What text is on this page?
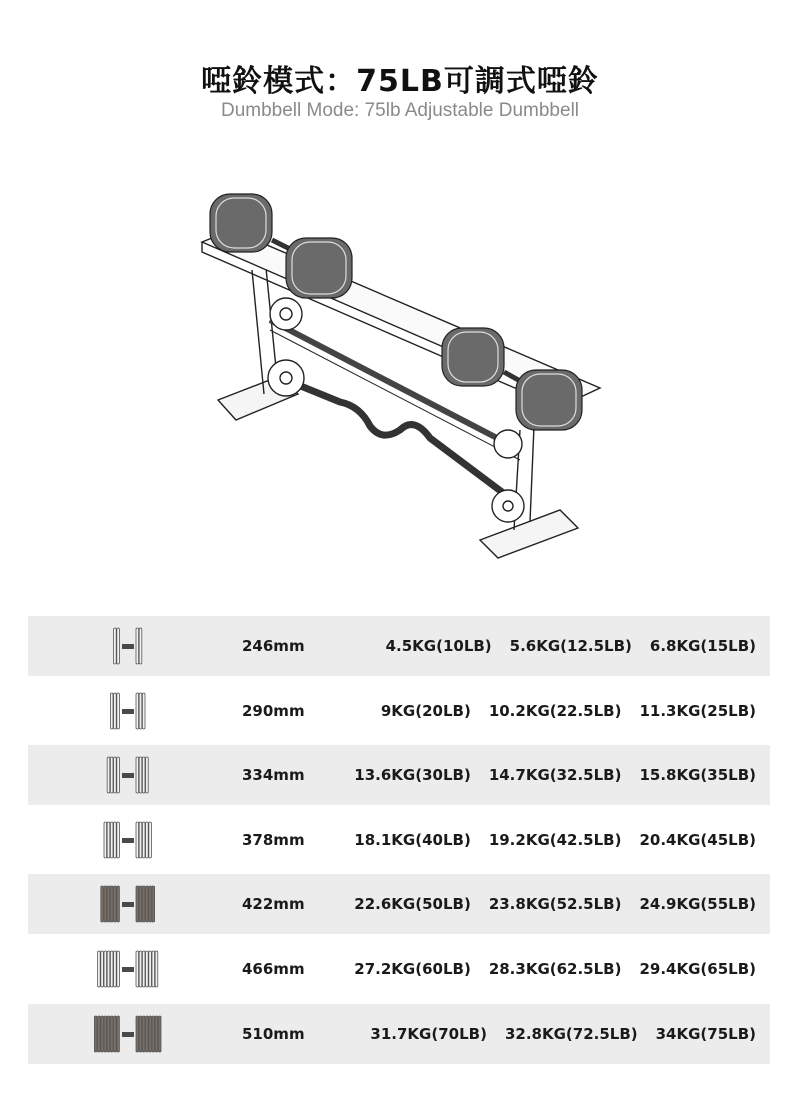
啞鈴模式：75LB可調式啞鈴
Dumbbell Mode: 75lb Adjustable Dumbbell
246mm	4.5KG(10LB) 5.6KG(12.5LB) 6.8KG(15LB)
290mm	9KG(20LB) 10.2KG(22.5LB) 11.3KG(25LB)
334mm	13.6KG(30LB) 14.7KG(32.5LB) 15.8KG(35LB)
378mm	18.1KG(40LB) 19.2KG(42.5LB) 20.4KG(45LB)
422mm	22.6KG(50LB) 23.8KG(52.5LB) 24.9KG(55LB)
466mm	27.2KG(60LB) 28.3KG(62.5LB) 29.4KG(65LB)
510mm	31.7KG(70LB) 32.8KG(72.5LB) 34KG(75LB)
